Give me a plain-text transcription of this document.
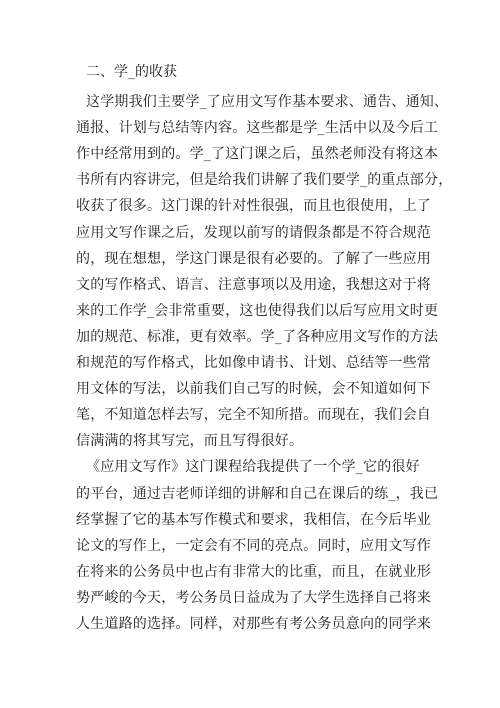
二、学_的收获
这学期我们主要学_了应用文写作基本要求、通告、通知、
通报、计划与总结等内容。这些都是学_生活中以及今后工
作中经常用到的。学_了这门课之后，虽然老师没有将这本
书所有内容讲完，但是给我们讲解了我们要学_的重点部分，
收获了很多。这门课的针对性很强，而且也很使用，上了
应用文写作课之后，发现以前写的请假条都是不符合规范
的，现在想想，学这门课是很有必要的。了解了一些应用
文的写作格式、语言、注意事项以及用途，我想这对于将
来的工作学_会非常重要，这也使得我们以后写应用文时更
加的规范、标准，更有效率。学_了各种应用文写作的方法
和规范的写作格式，比如像申请书、计划、总结等一些常
用文体的写法，以前我们自己写的时候，会不知道如何下
笔，不知道怎样去写，完全不知所措。而现在，我们会自
信满满的将其写完，而且写得很好。
《应用文写作》这门课程给我提供了一个学_它的很好
的平台，通过吉老师详细的讲解和自己在课后的练_，我已
经掌握了它的基本写作模式和要求，我相信，在今后毕业
论文的写作上，一定会有不同的亮点。同时，应用文写作
在将来的公务员中也占有非常大的比重，而且，在就业形
势严峻的今天，考公务员日益成为了大学生选择自己将来
人生道路的选择。同样，对那些有考公务员意向的同学来
